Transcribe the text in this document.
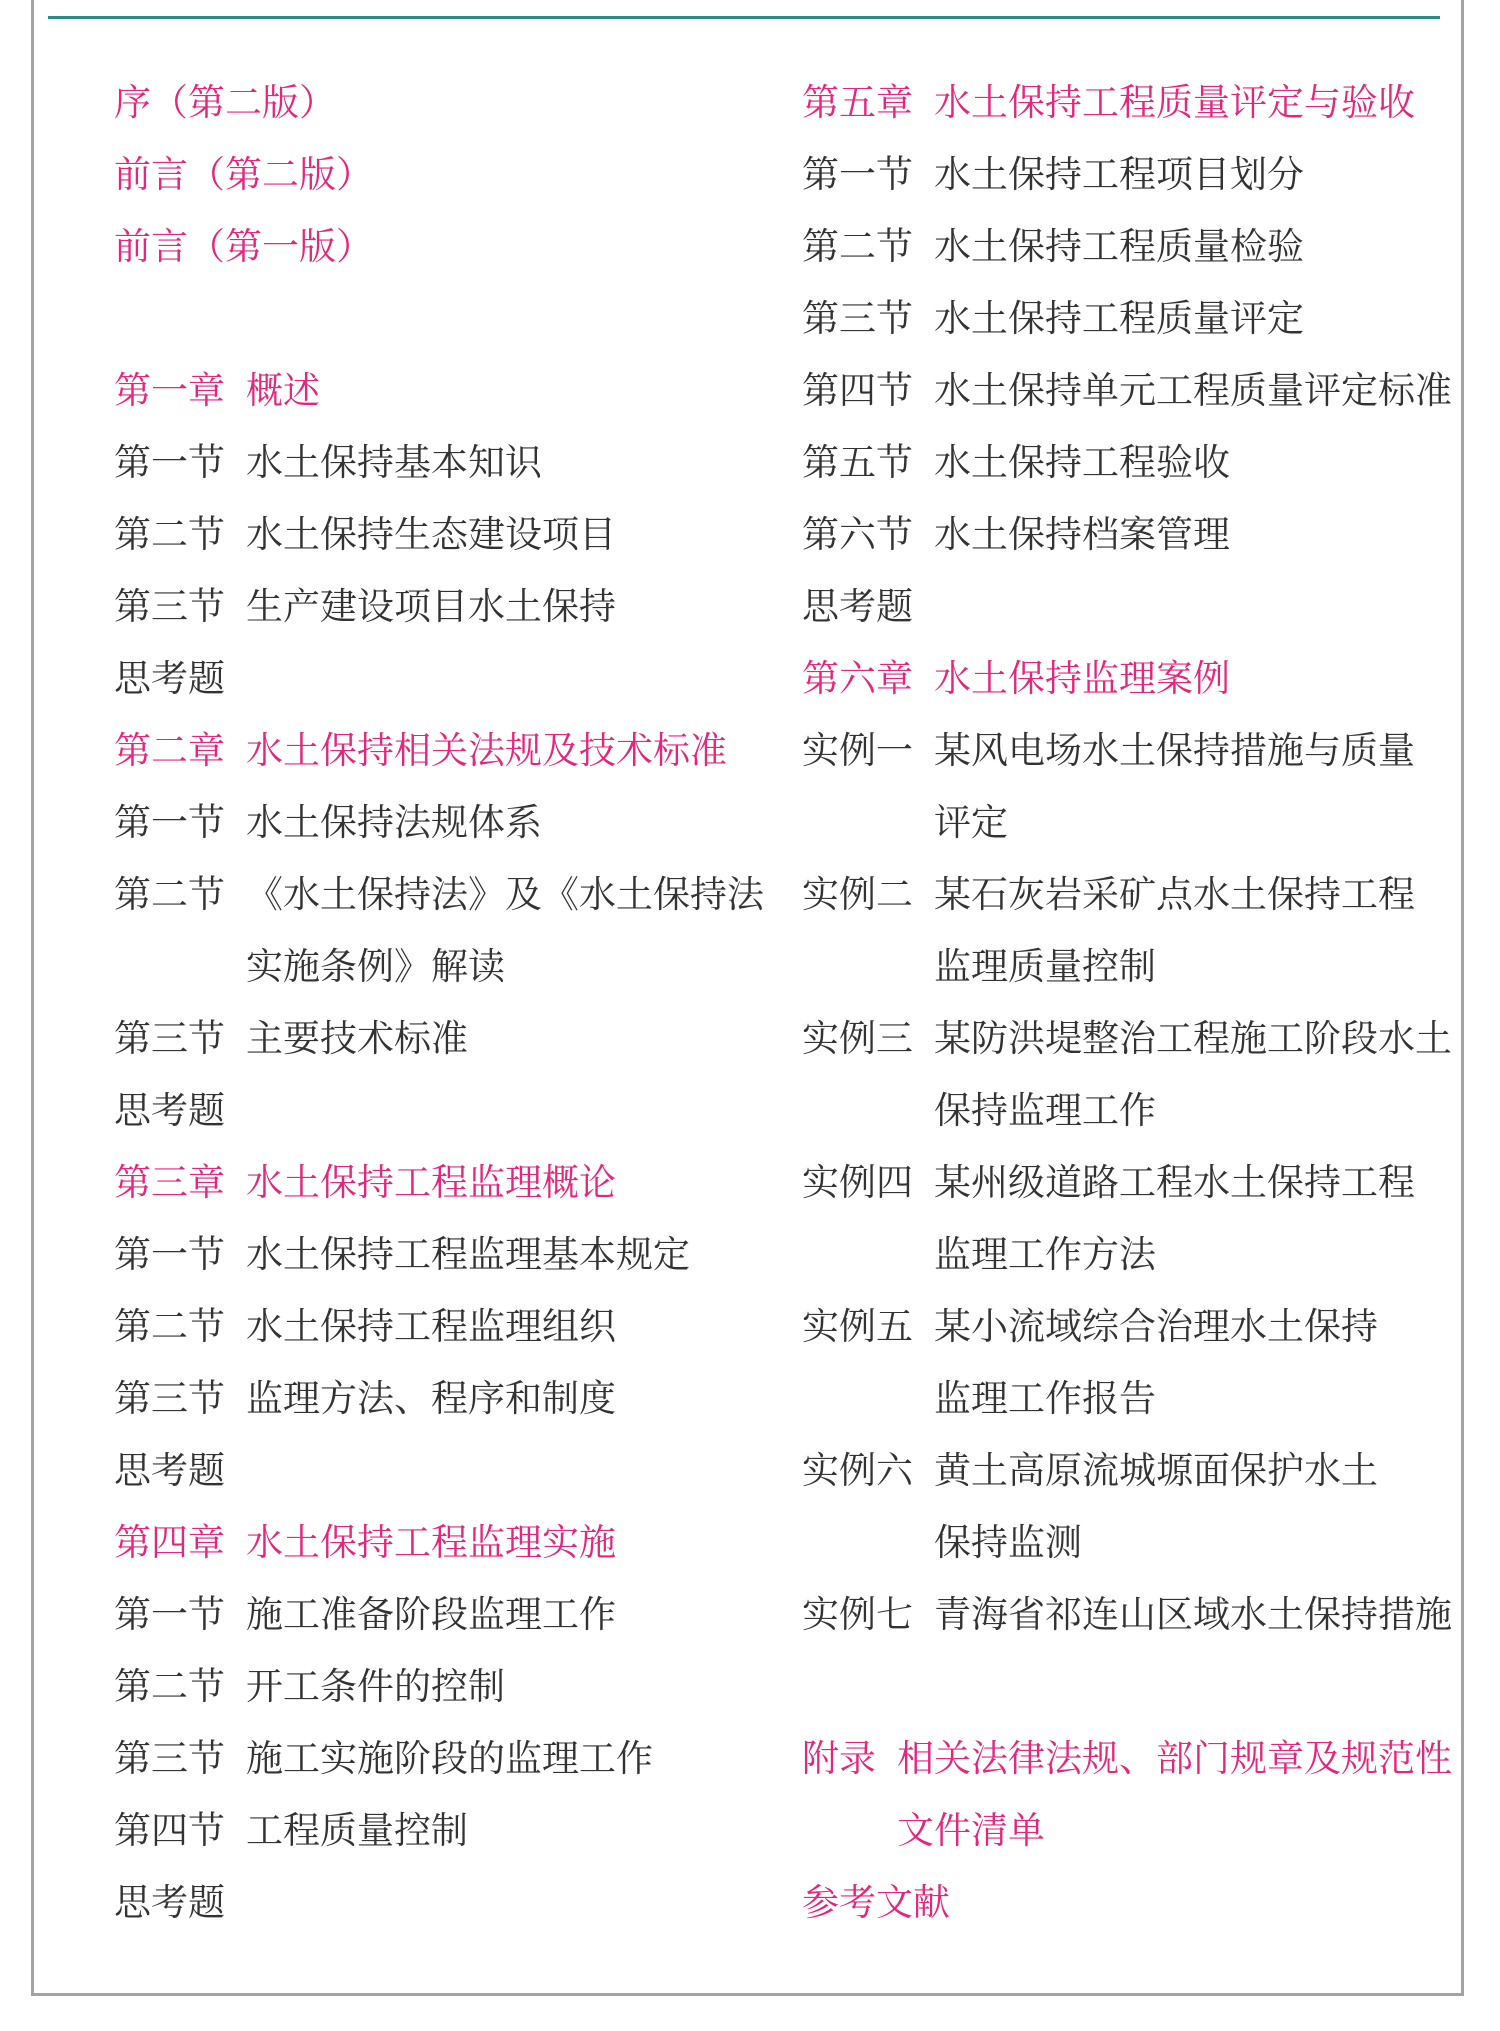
序（第二版）
前言（第二版）
前言（第一版）
第一章 概述
第一节 水土保持基本知识
第二节 水土保持生态建设项目
第三节 生产建设项目水土保持
思考题
第二章 水土保持相关法规及技术标准
第一节 水土保持法规体系
第二节 《水土保持法》及《水土保持法
实施条例》解读
第三节 主要技术标准
思考题
第三章 水土保持工程监理概论
第一节 水土保持工程监理基本规定
第二节 水土保持工程监理组织
第三节 监理方法、程序和制度
思考题
第四章 水土保持工程监理实施
第一节 施工准备阶段监理工作
第二节 开工条件的控制
第三节 施工实施阶段的监理工作
第四节 工程质量控制
思考题
第五章 水土保持工程质量评定与验收
第一节 水土保持工程项目划分
第二节 水土保持工程质量检验
第三节 水土保持工程质量评定
第四节 水土保持单元工程质量评定标准
第五节 水土保持工程验收
第六节 水土保持档案管理
思考题
第六章 水土保持监理案例
实例一 某风电场水土保持措施与质量
评定
实例二 某石灰岩采矿点水土保持工程
监理质量控制
实例三 某防洪堤整治工程施工阶段水土
保持监理工作
实例四 某州级道路工程水土保持工程
监理工作方法
实例五 某小流域综合治理水土保持
监理工作报告
实例六 黄土高原流城塬面保护水土
保持监测
实例七 青海省祁连山区域水土保持措施
附录 相关法律法规、部门规章及规范性
文件清单
参考文献
